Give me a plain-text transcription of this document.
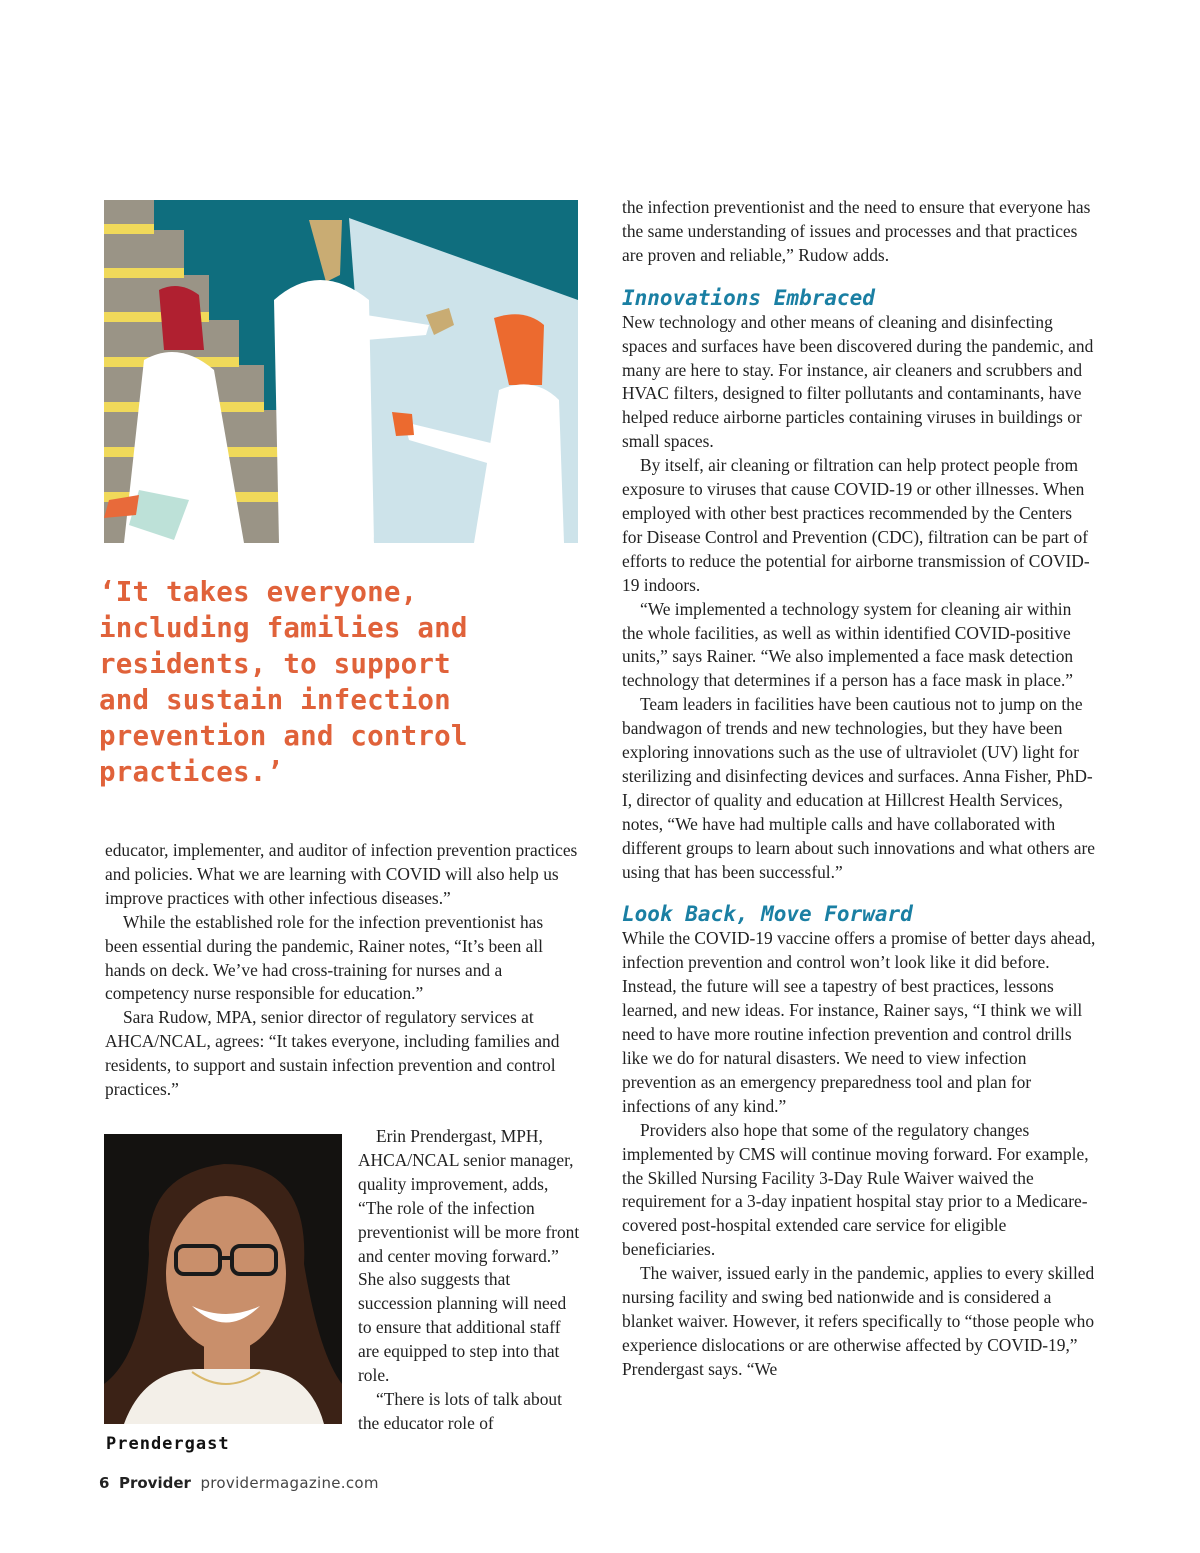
‘It takes everyone,
including families and
residents, to support
and sustain infection
prevention and control
practices.’

educator, implementer, and auditor of infection prevention practices and policies. What we are learning with COVID will also help us improve practices with other infectious diseases.”

While the established role for the infection preventionist has been essential during the pandemic, Rainer notes, “It’s been all hands on deck. We’ve had cross-training for nurses and a competency nurse responsible for education.”

Sara Rudow, MPA, senior director of regulatory services at AHCA/NCAL, agrees: “It takes everyone, including families and residents, to support and sustain infection prevention and control practices.”

Prendergast

Erin Prendergast, MPH, AHCA/NCAL senior manager, quality improvement, adds, “The role of the infection preventionist will be more front and center moving forward.” She also suggests that succession planning will need to ensure that additional staff are equipped to step into that role.

“There is lots of talk about the educator role of

the infection preventionist and the need to ensure that everyone has the same understanding of issues and processes and that practices are proven and reliable,” Rudow adds.

Innovations Embraced

New technology and other means of cleaning and disinfecting spaces and surfaces have been discovered during the pandemic, and many are here to stay. For instance, air cleaners and scrubbers and HVAC filters, designed to filter pollutants and contaminants, have helped reduce airborne particles containing viruses in buildings or small spaces.

By itself, air cleaning or filtration can help protect people from exposure to viruses that cause COVID-19 or other illnesses. When employed with other best practices recommended by the Centers for Disease Control and Prevention (CDC), filtration can be part of efforts to reduce the potential for airborne transmission of COVID-19 indoors.

“We implemented a technology system for cleaning air within the whole facilities, as well as within identified COVID-positive units,” says Rainer. “We also implemented a face mask detection technology that determines if a person has a face mask in place.”

Team leaders in facilities have been cautious not to jump on the bandwagon of trends and new technologies, but they have been exploring innovations such as the use of ultraviolet (UV) light for sterilizing and disinfecting devices and surfaces. Anna Fisher, PhD-I, director of quality and education at Hillcrest Health Services, notes, “We have had multiple calls and have collaborated with different groups to learn about such innovations and what others are using that has been successful.”

Look Back, Move Forward

While the COVID-19 vaccine offers a promise of better days ahead, infection prevention and control won’t look like it did before. Instead, the future will see a tapestry of best practices, lessons learned, and new ideas. For instance, Rainer says, “I think we will need to have more routine infection prevention and control drills like we do for natural disasters. We need to view infection prevention as an emergency preparedness tool and plan for infections of any kind.”

Providers also hope that some of the regulatory changes implemented by CMS will continue moving forward. For example, the Skilled Nursing Facility 3-Day Rule Waiver waived the requirement for a 3-day inpatient hospital stay prior to a Medicare-covered post-hospital extended care service for eligible beneficiaries.

The waiver, issued early in the pandemic, applies to every skilled nursing facility and swing bed nationwide and is considered a blanket waiver. However, it refers specifically to “those people who experience dislocations or are otherwise affected by COVID-19,” Prendergast says. “We

6 Provider providermagazine.com
